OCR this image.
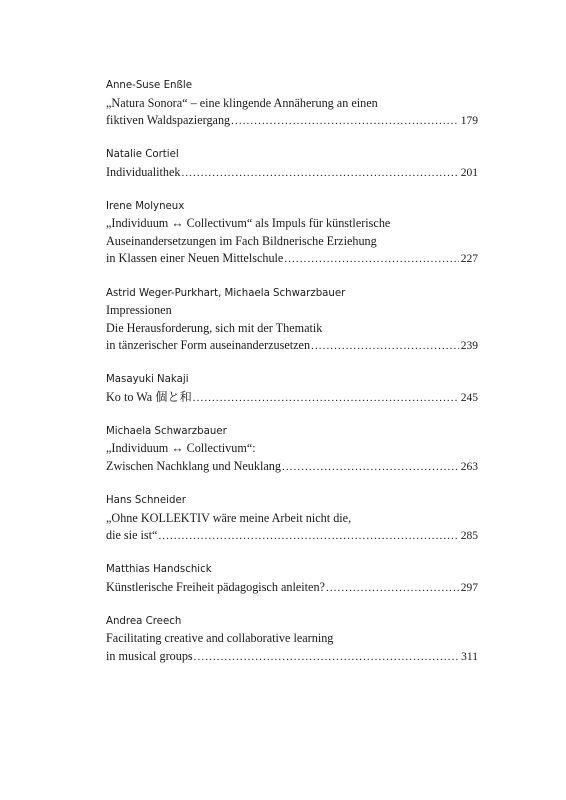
Anne-Suse Enßle
„Natura Sonora“ – eine klingende Annäherung an einen
fiktiven Waldspaziergang .....	179
Natalie Cortiel
Individualithek .....	201
Irene Molyneux
„Individuum ↔ Collectivum“ als Impuls für künstlerische
Auseinandersetzungen im Fach Bildnerische Erziehung
in Klassen einer Neuen Mittelschule .....	227
Astrid Weger-Purkhart, Michaela Schwarzbauer
Impressionen
Die Herausforderung, sich mit der Thematik
in tänzerischer Form auseinanderzusetzen .....	239
Masayuki Nakaji
Ko to Wa 個と和 .....	245
Michaela Schwarzbauer
„Individuum ↔ Collectivum“:
Zwischen Nachklang und Neuklang .....	263
Hans Schneider
„Ohne KOLLEKTIV wäre meine Arbeit nicht die,
die sie ist“ .....	285
Matthias Handschick
Künstlerische Freiheit pädagogisch anleiten? .....	297
Andrea Creech
Facilitating creative and collaborative learning
in musical groups .....	311
